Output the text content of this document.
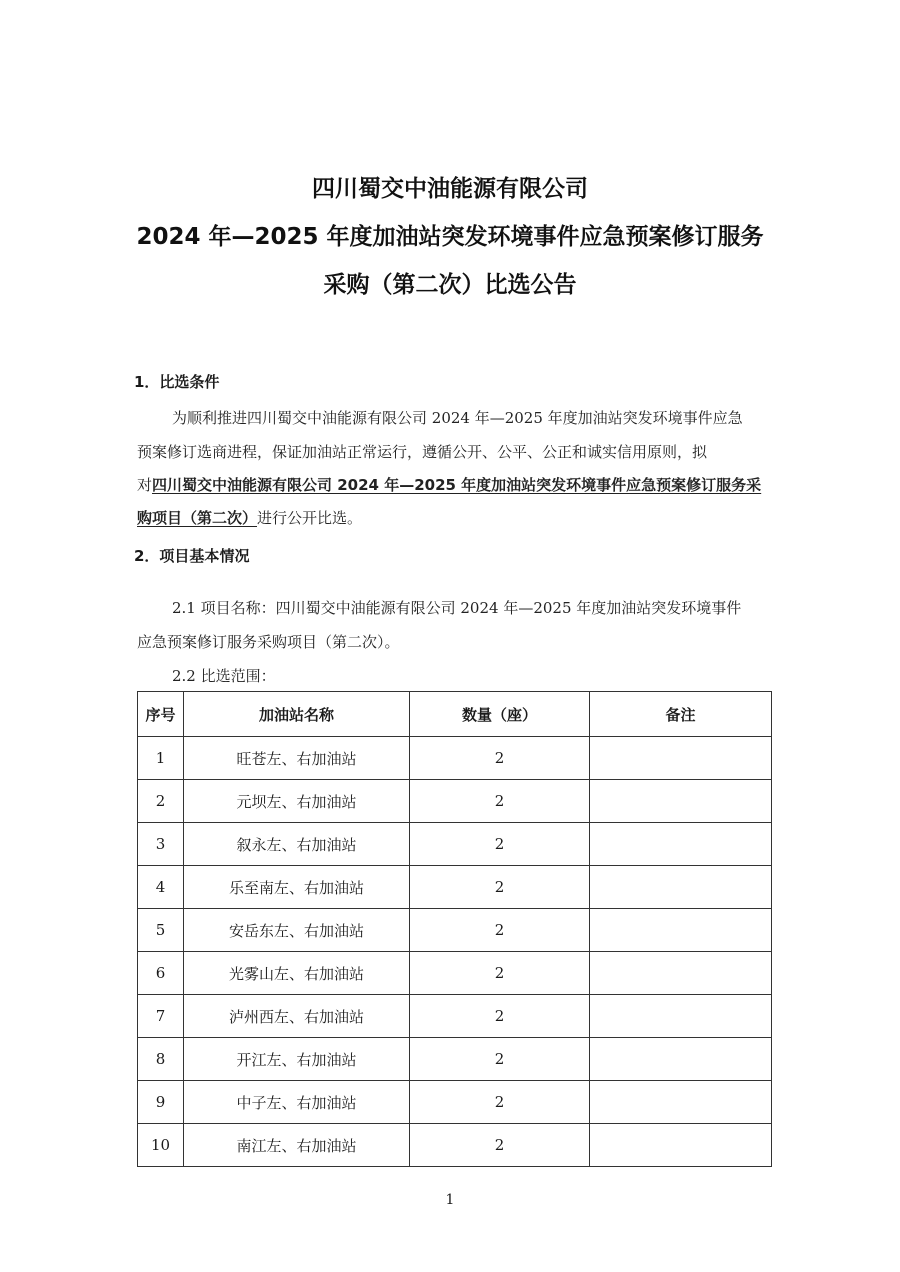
四川蜀交中油能源有限公司
2024 年—2025 年度加油站突发环境事件应急预案修订服务
采购（第二次）比选公告
1．比选条件
为顺利推进四川蜀交中油能源有限公司 2024 年—2025 年度加油站突发环境事件应急
预案修订选商进程，保证加油站正常运行，遵循公开、公平、公正和诚实信用原则，拟
对四川蜀交中油能源有限公司 2024 年—2025 年度加油站突发环境事件应急预案修订服务采
购项目（第二次）进行公开比选。
2．项目基本情况
2.1 项目名称：四川蜀交中油能源有限公司 2024 年—2025 年度加油站突发环境事件
应急预案修订服务采购项目（第二次）。
2.2 比选范围：
序号	加油站名称	数量（座）	备注
1	旺苍左、右加油站	2	
2	元坝左、右加油站	2	
3	叙永左、右加油站	2	
4	乐至南左、右加油站	2	
5	安岳东左、右加油站	2	
6	光雾山左、右加油站	2	
7	泸州西左、右加油站	2	
8	开江左、右加油站	2	
9	中子左、右加油站	2	
10	南江左、右加油站	2	
1
